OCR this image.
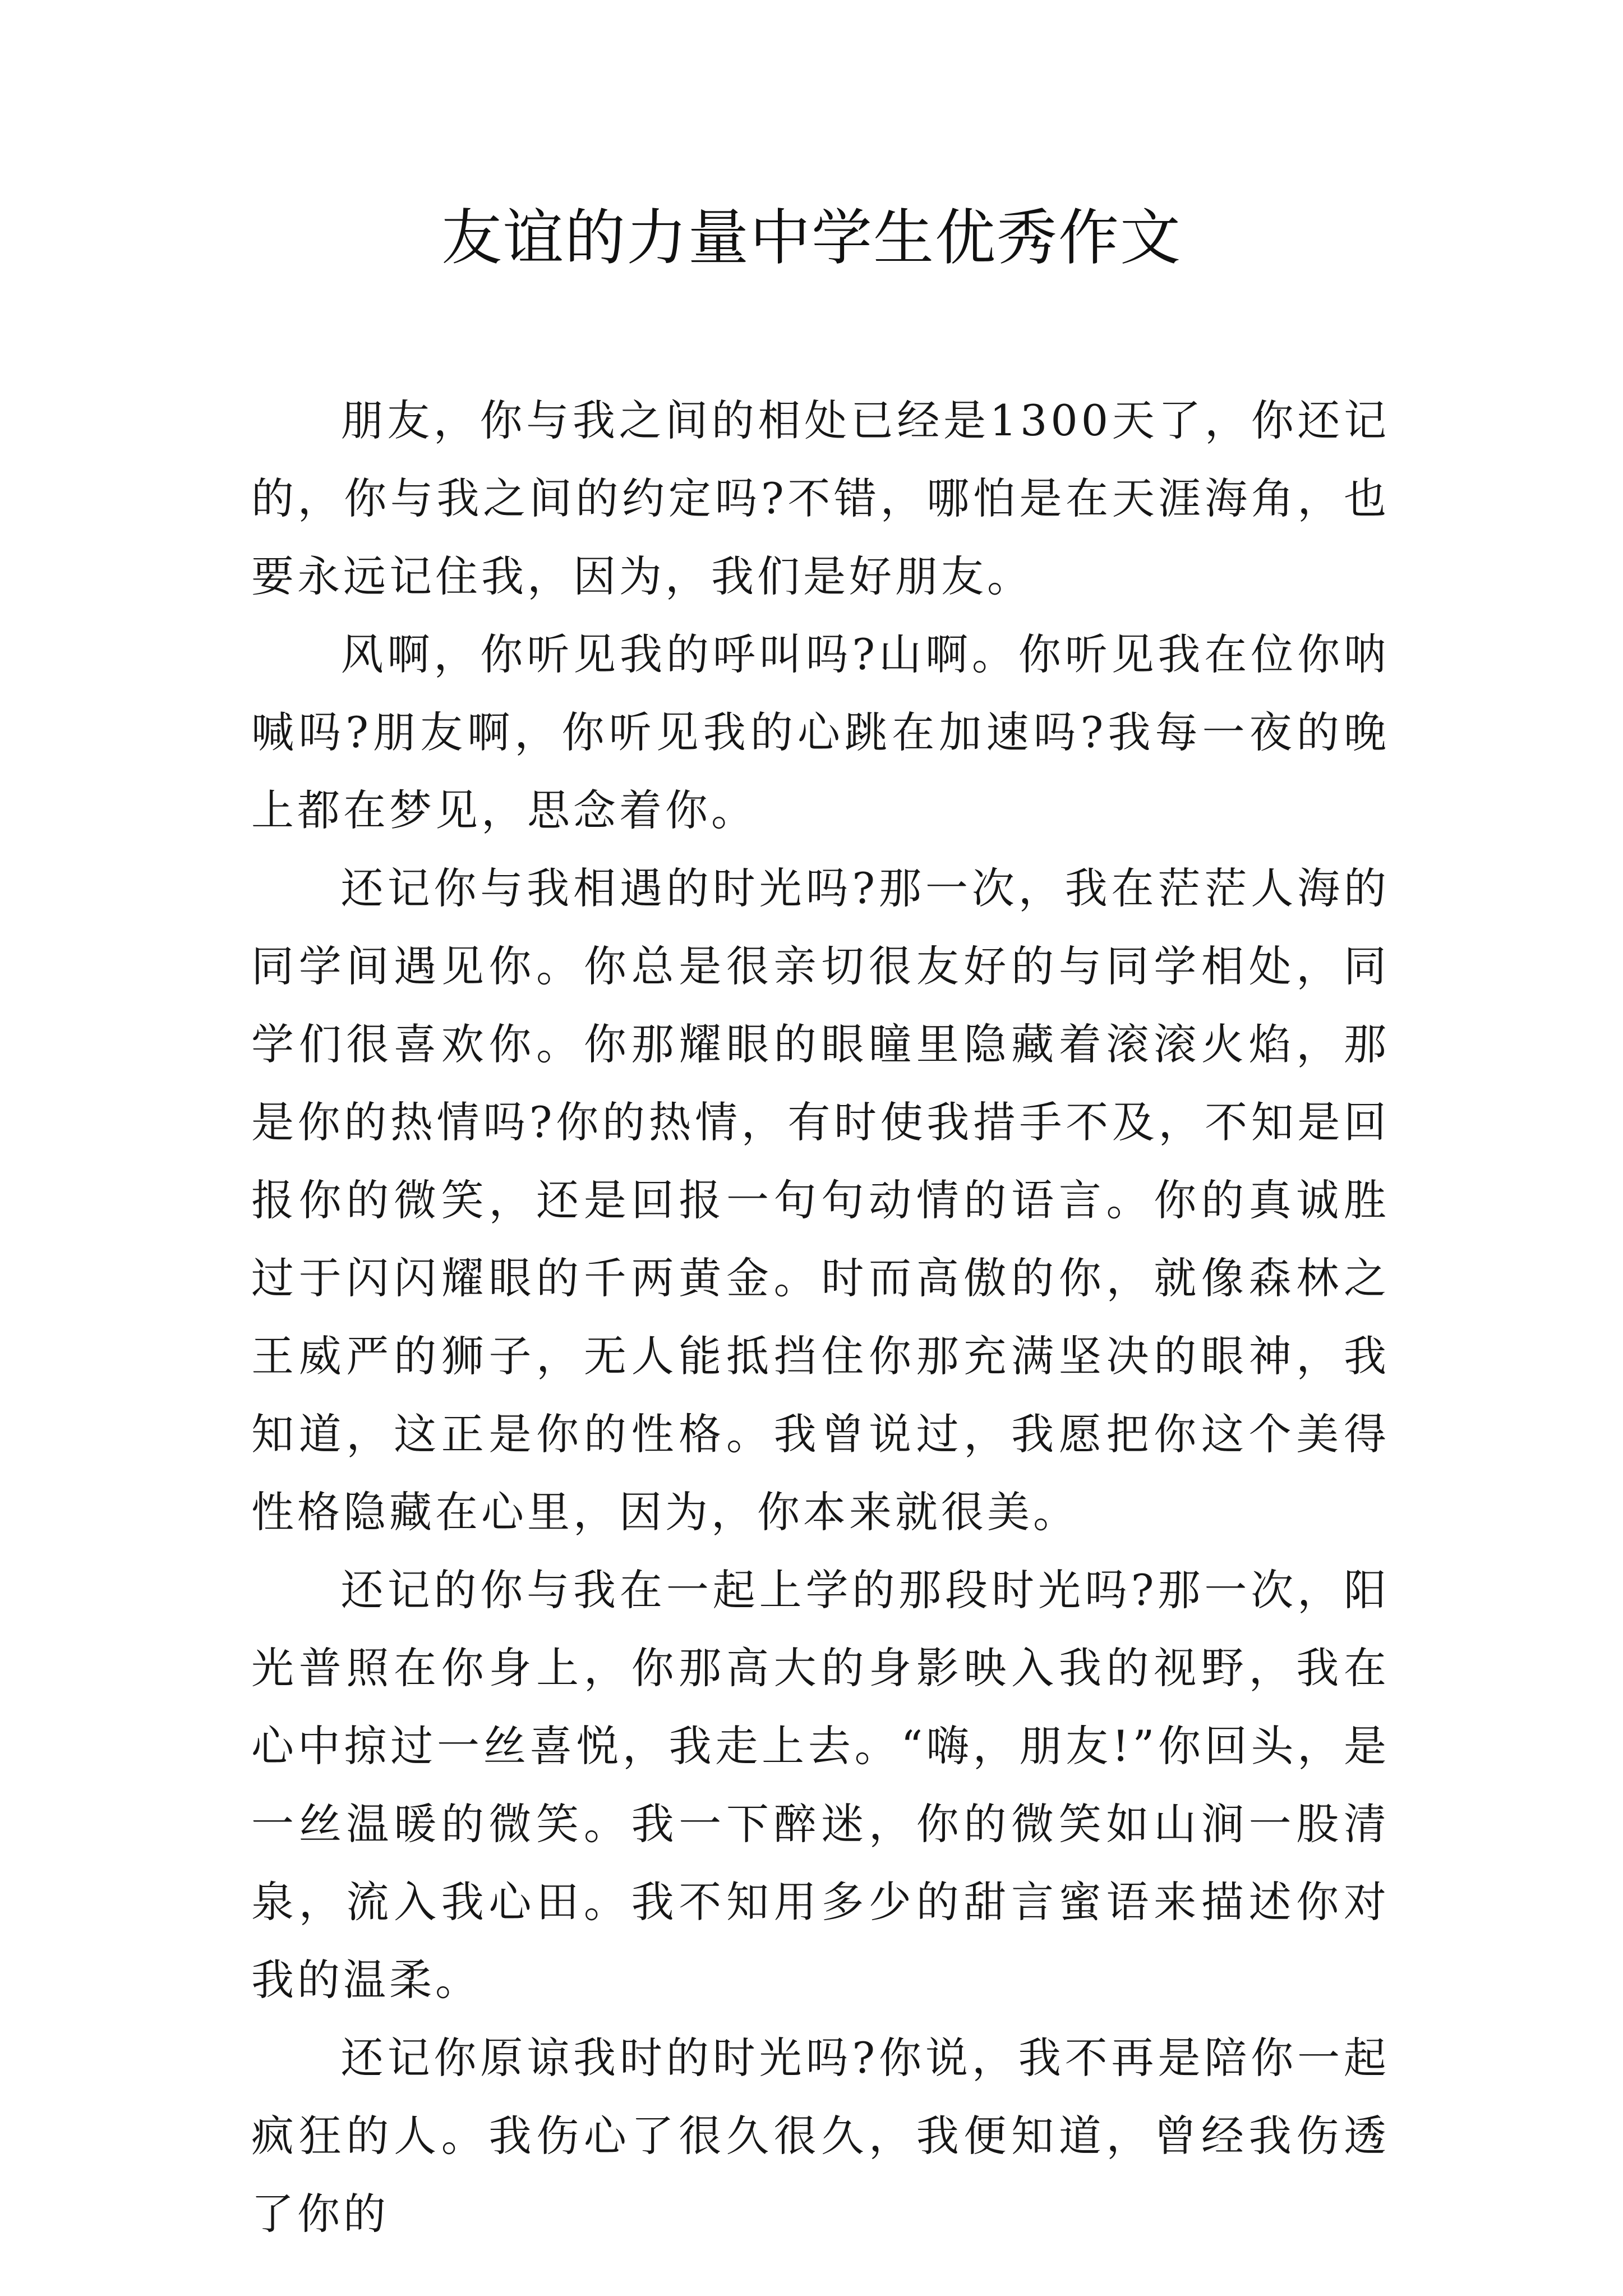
友谊的力量中学生优秀作文

朋友，你与我之间的相处已经是1300天了，你还记的，你与我之间的约定吗?不错，哪怕是在天涯海角，也要永远记住我，因为，我们是好朋友。

风啊，你听见我的呼叫吗?山啊。你听见我在位你呐喊吗?朋友啊，你听见我的心跳在加速吗?我每一夜的晚上都在梦见，思念着你。

还记你与我相遇的时光吗?那一次，我在茫茫人海的同学间遇见你。你总是很亲切很友好的与同学相处，同学们很喜欢你。你那耀眼的眼瞳里隐藏着滚滚火焰，那是你的热情吗?你的热情，有时使我措手不及，不知是回报你的微笑，还是回报一句句动情的语言。你的真诚胜过于闪闪耀眼的千两黄金。时而高傲的你，就像森林之王威严的狮子，无人能抵挡住你那充满坚决的眼神，我知道，这正是你的性格。我曾说过，我愿把你这个美得性格隐藏在心里，因为，你本来就很美。

还记的你与我在一起上学的那段时光吗?那一次，阳光普照在你身上，你那高大的身影映入我的视野，我在心中掠过一丝喜悦，我走上去。“嗨，朋友!”你回头，是一丝温暖的微笑。我一下醉迷，你的微笑如山涧一股清泉，流入我心田。我不知用多少的甜言蜜语来描述你对我的温柔。

还记你原谅我时的时光吗?你说，我不再是陪你一起疯狂的人。我伤心了很久很久，我便知道，曾经我伤透了你的
